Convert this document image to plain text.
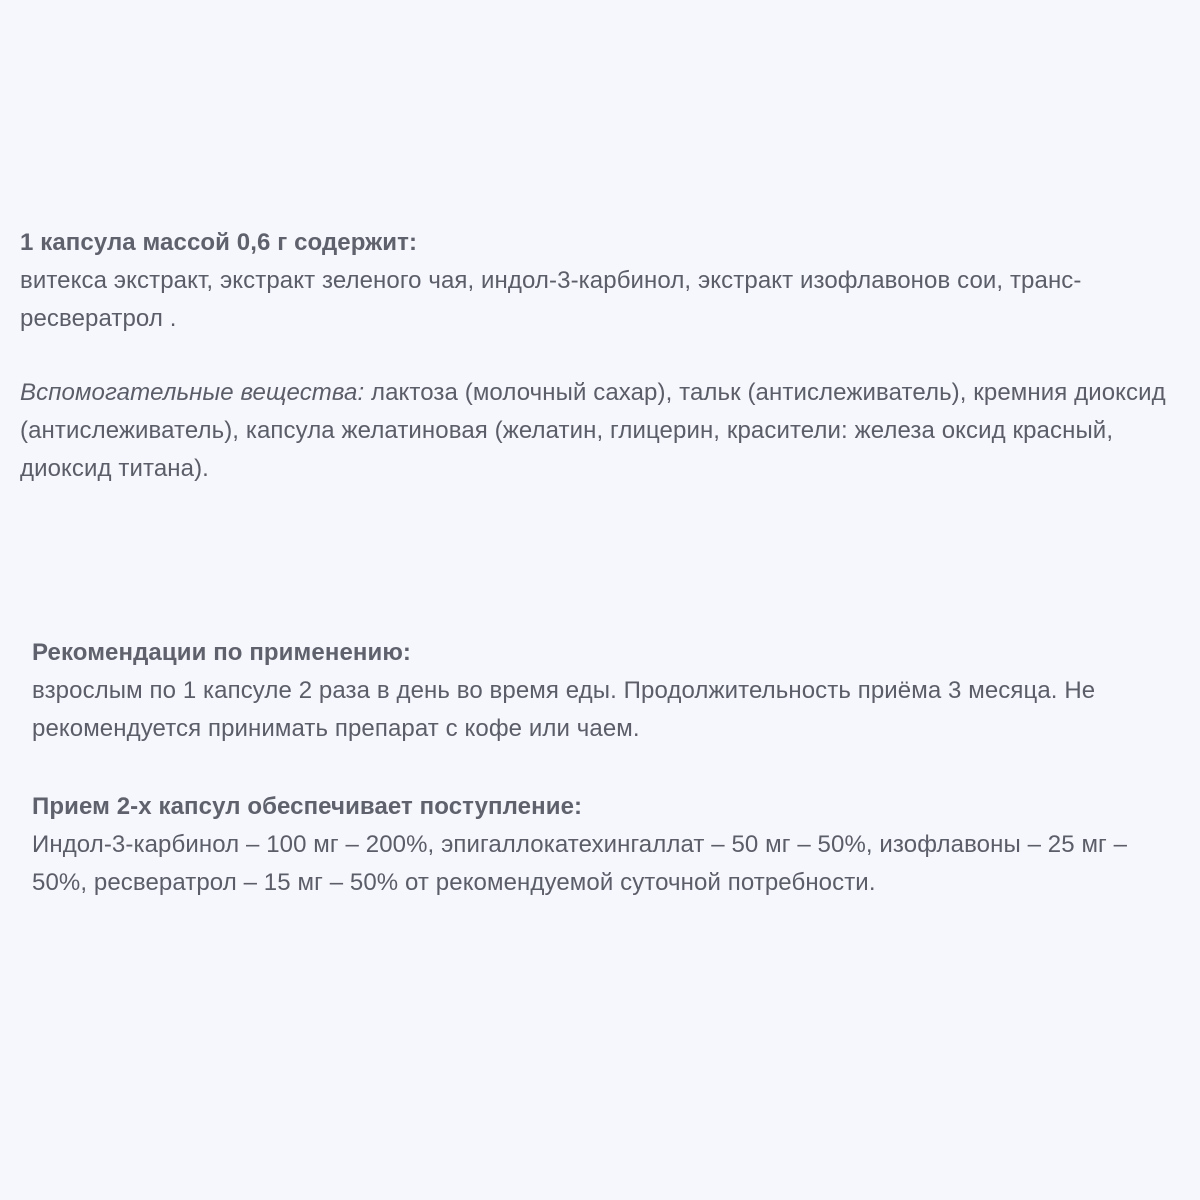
1 капсула массой 0,6 г содержит:
витекса экстракт, экстракт зеленого чая, индол-3-карбинол, экстракт изофлавонов сои, транс-ресвератрол .
Вспомогательные вещества: лактоза (молочный сахар), тальк (антислеживатель), кремния диоксид (антислеживатель), капсула желатиновая (желатин, глицерин, красители: железа оксид красный, диоксид титана).
Рекомендации по применению:
взрослым по 1 капсуле 2 раза в день во время еды. Продолжительность приёма 3 месяца. Не рекомендуется принимать препарат с кофе или чаем.
Прием 2-х капсул обеспечивает поступление:
Индол-3-карбинол – 100 мг – 200%, эпигаллокатехингаллат – 50 мг – 50%, изофлавоны – 25 мг – 50%, ресвератрол – 15 мг – 50% от рекомендуемой суточной потребности.
